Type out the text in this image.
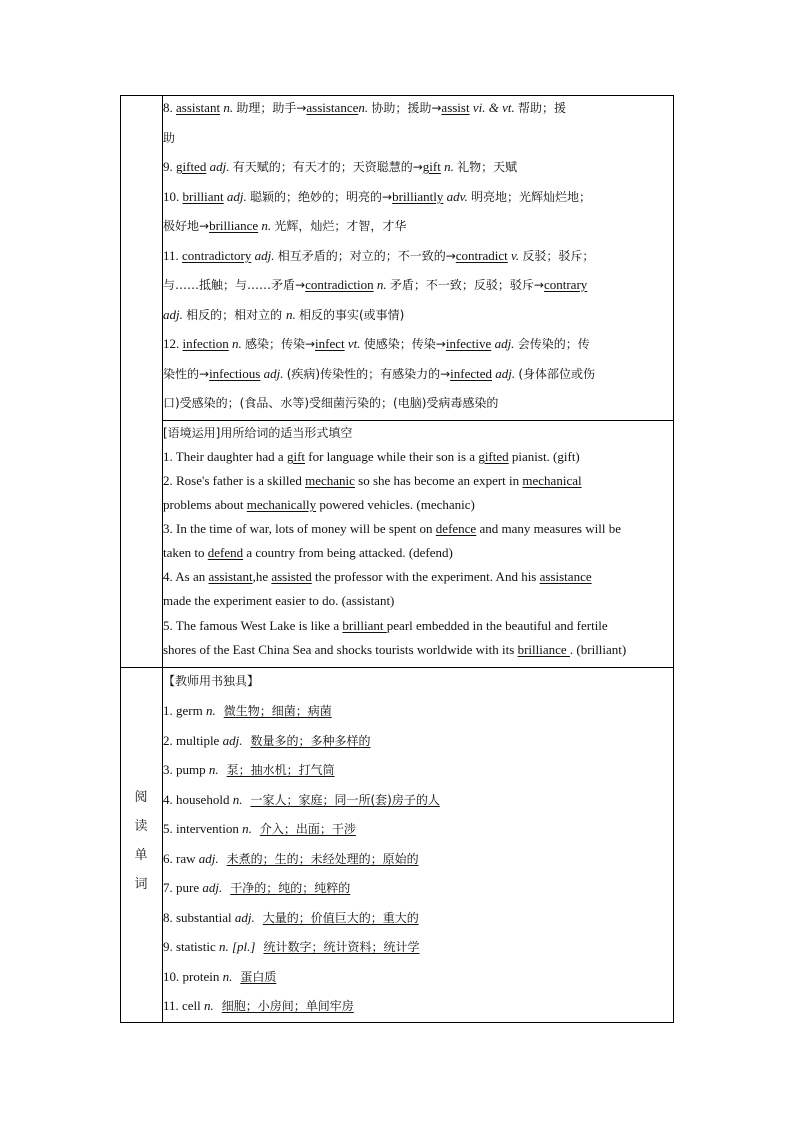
8. assistant n. 助理；助手→assistancen. 协助；援助→assist vi. & vt. 帮助；援
助
9. gifted adj. 有天赋的；有天才的；天资聪慧的→gift n. 礼物；天赋
10. brilliant adj. 聪颖的；绝妙的；明亮的→brilliantly adv. 明亮地；光辉灿烂地；
极好地→brilliance n. 光辉，灿烂；才智，才华
11. contradictory adj. 相互矛盾的；对立的；不一致的→contradict v. 反驳；驳斥；
与……抵触；与……矛盾→contradiction n. 矛盾；不一致；反驳；驳斥→contrary
adj. 相反的；相对立的 n. 相反的事实(或事情)
12. infection n. 感染；传染→infect vt. 使感染；传染→infective adj. 会传染的；传
染性的→infectious adj. (疾病)传染性的；有感染力的→infected adj. (身体部位或伤
口)受感染的；(食品、水等)受细菌污染的；(电脑)受病毒感染的
[语境运用]用所给词的适当形式填空
1. Their daughter had a gift for language while their son is a gifted pianist. (gift)
2. Rose's father is a skilled mechanic so she has become an expert in mechanical
problems about mechanically powered vehicles. (mechanic)
3. In the time of war, lots of money will be spent on defence and many measures will be
taken to defend a country from being attacked. (defend)
4. As an assistant,he assisted the professor with the experiment. And his assistance
made the experiment easier to do. (assistant)
5. The famous West Lake is like a brilliant pearl embedded in the beautiful and fertile
shores of the East China Sea and shocks tourists worldwide with its brilliance . (brilliant)
阅
读
单
词
【教师用书独具】
1. germ n. 微生物；细菌；病菌
2. multiple adj. 数量多的；多种多样的
3. pump n. 泵；抽水机；打气筒
4. household n. 一家人；家庭；同一所(套)房子的人
5. intervention n. 介入；出面；干涉
6. raw adj. 未煮的；生的；未经处理的；原始的
7. pure adj. 干净的；纯的；纯粹的
8. substantial adj. 大量的；价值巨大的；重大的
9. statistic n. [pl.] 统计数字；统计资料；统计学
10. protein n. 蛋白质
11. cell n. 细胞；小房间；单间牢房
